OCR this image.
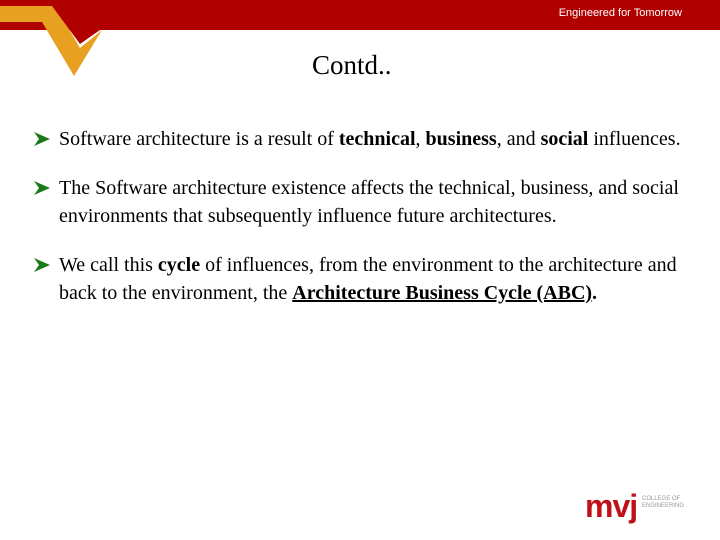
Engineered for Tomorrow
Contd..
Software architecture is a result of technical, business, and social influences.
The Software architecture existence affects the technical, business, and social environments that subsequently influence future architectures.
We call this cycle of influences, from the environment to the architecture and back to the environment, the Architecture Business Cycle (ABC).
mvj COLLEGE OF
ENGINEERING
